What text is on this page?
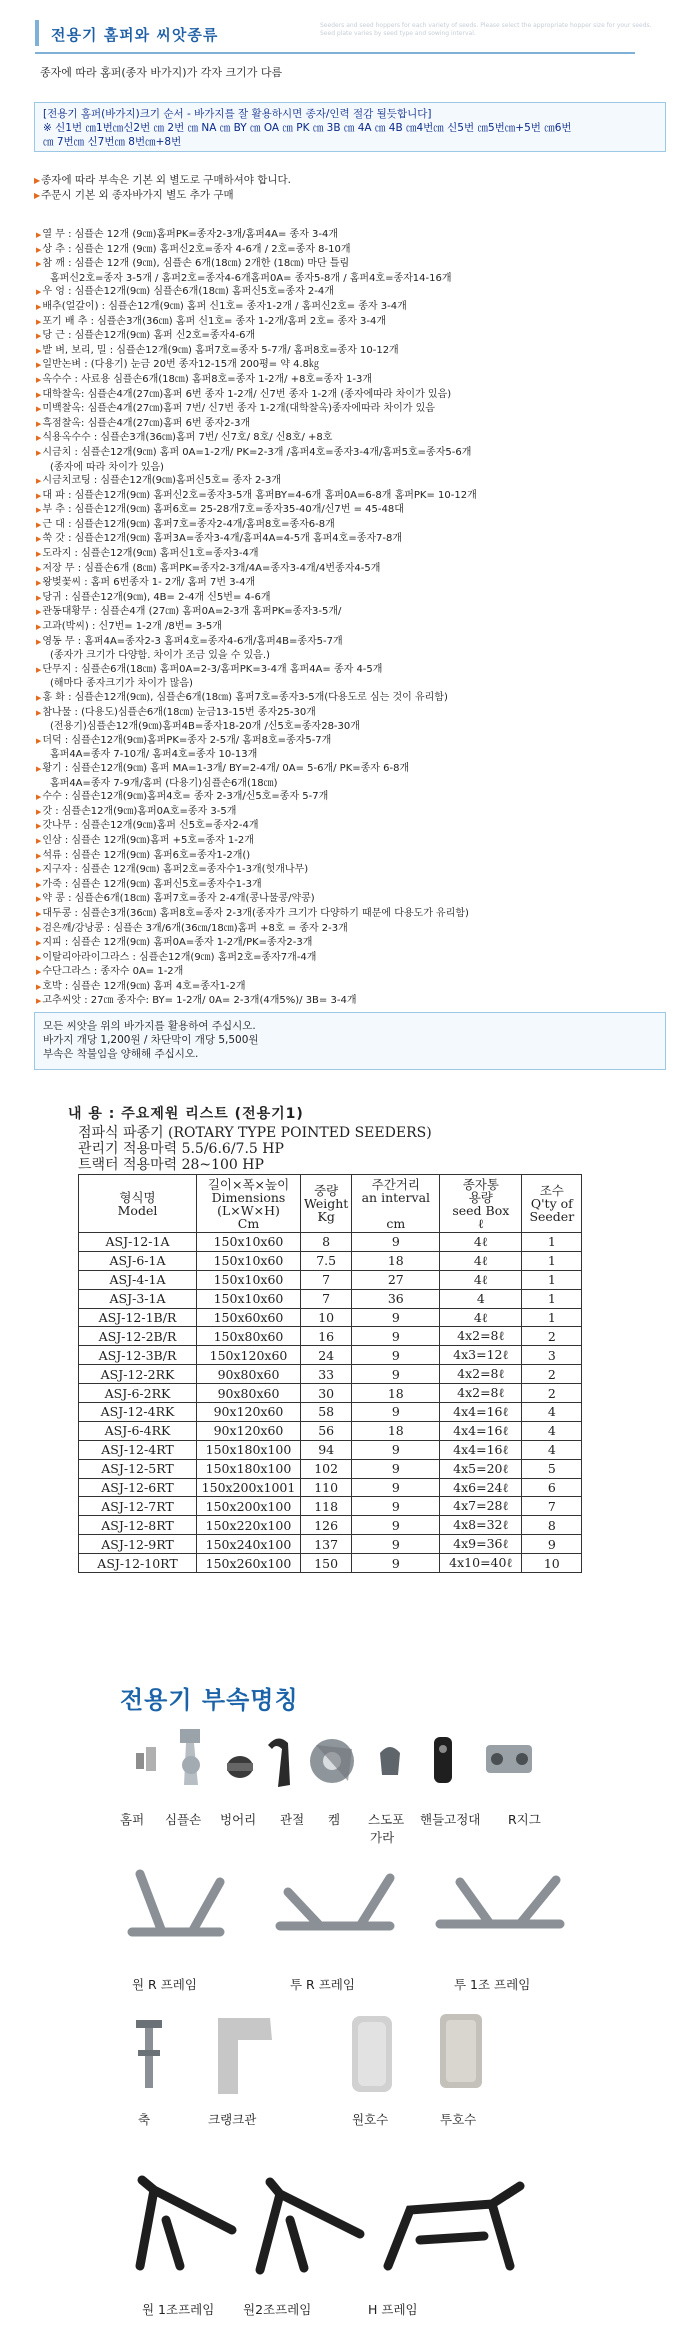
전용기 홈퍼와 씨앗종류
Seeders and seed hoppers for each variety of seeds. Please select the appropriate hopper size for your seeds. Seed plate varies by seed type and sowing interval.
종자에 따라 홈퍼(종자 바가지)가 각자 크기가 다름
[전용기 홈퍼(바가지)크기 순서 - 바가지를 잘 활용하시면 종자/인력 절감 될듯합니다]
※ 신1번 ㎝1번㎝신2번 ㎝ 2번 ㎝ NA ㎝ BY ㎝ OA ㎝ PK ㎝ 3B ㎝ 4A ㎝ 4B ㎝4번㎝ 신5번 ㎝5번㎝+5번 ㎝6번
㎝ 7번㎝ 신7번㎝ 8번㎝+8번
▶ 종자에 따라 부속은 기본 외 별도로 구매하셔야 합니다.
▶ 주문시 기본 외 종자바가지 별도 추가 구매
▶ 열 무 : 심플손 12개 (9㎝)홈퍼PK=종자2-3개/홈퍼4A= 종자 3-4개
▶ 상 추 : 심플손 12개 (9㎝) 홈퍼신2호=종자 4-6개 / 2호=종자 8-10개
▶ 참 깨 : 심플손 12개 (9㎝), 심플손 6개(18㎝) 2개한 (18㎝) 마단 틀림
홈퍼신2호=종자 3-5개 / 홈퍼2호=종자4-6개홈퍼0A= 종자5-8개 / 홈퍼4호=종자14-16개
▶ 우 엉 : 심플손12개(9㎝) 심플손6개(18㎝) 홈퍼신5호=종자 2-4개
▶ 배추(얼갈이) : 심플손12개(9㎝) 홈퍼 신1호= 종자1-2개 / 홈퍼신2호= 종자 3-4개
▶ 포기 배 추 : 심플손3개(36㎝) 홈퍼 신1호= 종자 1-2개/홈퍼 2호= 종자 3-4개
▶ 당 근 : 심플손12개(9㎝) 홈퍼 신2호=종자4-6개
▶ 밭 벼, 보리, 밀 : 심플손12개(9㎝) 홈퍼7호=종자 5-7개/ 홈퍼8호=종자 10-12개
▶ 일반논벼 : (다용기) 눈금 20번 종자12-15개 200평= 약 4.8㎏
▶ 옥수수 : 사료용 심플손6개(18㎝) 홈퍼8호=종자 1-2개/ +8호=종자 1-3개
▶ 대학찰옥: 심플손4개(27㎝)홈퍼 6번 종자 1-2개/ 신7번 종자 1-2개 (종자에따라 차이가 있음)
▶ 미백찰옥: 심플손4개(27㎝)홈퍼 7번/ 신7번 종자 1-2개(대학찰옥)종자에따라 차이가 있음
▶ 흑점찰옥: 심플손4개(27㎝)홈퍼 6번 종자2-3개
▶ 식용옥수수 : 심플손3개(36㎝)홈퍼 7번/ 신7호/ 8호/ 신8호/ +8호
▶ 시금치 : 심플손12개(9㎝) 홈퍼 0A=1-2개/ PK=2-3개 /홈퍼4호=종자3-4개/홈퍼5호=종자5-6개
(종자에 따라 차이가 있음)
▶ 시금치코팅 : 심플손12개(9㎝)홈퍼신5호= 종자 2-3개
▶ 대 파 : 심플손12개(9㎝) 홈퍼신2호=종자3-5개 홈퍼BY=4-6개 홈퍼0A=6-8개 홈퍼PK= 10-12개
▶ 부 추 : 심플손12개(9㎝) 홈퍼6호= 25-28개7호=종자35-40개/신7번 = 45-48대
▶ 근 대 : 심플손12개(9㎝) 홈퍼7호=종자2-4개/홈퍼8호=종자6-8개
▶ 쑥 갓 : 심플손12개(9㎝) 홈퍼3A=종자3-4개/홈퍼4A=4-5개 홈퍼4호=종자7-8개
▶ 도라지 : 심플손12개(9㎝) 홈퍼신1호=종자3-4개
▶ 저장 무 : 심플손6개 (8㎝) 홈퍼PK=종자2-3개/4A=종자3-4개/4번종자4-5개
▶ 왕벚꽃씨 : 홈퍼 6번종자 1- 2개/ 홈퍼 7번 3-4개
▶ 당귀 : 심플손12개(9㎝), 4B= 2-4개 신5번= 4-6개
▶ 관동대황무 : 심플손4개 (27㎝) 홈퍼0A=2-3개 홈퍼PK=종자3-5개/
▶ 고과(박씨) : 신7번= 1-2개 /8번= 3-5개
▶ 영동 무 : 홈퍼4A=종자2-3 홈퍼4호=종자4-6개/홈퍼4B=종자5-7개
(종자가 크기가 다양함. 차이가 조금 있을 수 있음.)
▶ 단무지 : 심플손6개(18㎝) 홈퍼0A=2-3/홈퍼PK=3-4개 홈퍼4A= 종자 4-5개
(해마다 종자크기가 차이가 많음)
▶ 홍 화 : 심플손12개(9㎝), 심플손6개(18㎝) 홈퍼7호=종자3-5개(다용도로 심는 것이 유리함)
▶ 참나물 : (다용도)심플손6개(18㎝) 눈금13-15번 종자25-30개
(전용기)심플손12개(9㎝)홈퍼4B=종자18-20개 /신5호=종자28-30개
▶ 더덕 : 심플손12개(9㎝)홈퍼PK=종자 2-5개/ 홈퍼8호=종자5-7개
홈퍼4A=종자 7-10개/ 홈퍼4호=종자 10-13개
▶ 황기 : 심플손12개(9㎝) 홈퍼 MA=1-3개/ BY=2-4개/ 0A= 5-6개/ PK=종자 6-8개
홈퍼4A=종자 7-9개/홈퍼 (다용기)심플손6개(18㎝)
▶ 수수 : 심플손12개(9㎝)홈퍼4호= 종자 2-3개/신5호=종자 5-7개
▶ 갓 : 심플손12개(9㎝)홈퍼0A호=종자 3-5개
▶ 갓나무 : 심플손12개(9㎝)홈퍼 신5호=종자2-4개
▶ 인삼 : 심플손 12개(9㎝)홈퍼 +5호=종자 1-2개
▶ 석류 : 심플손 12개(9㎝) 홈퍼6호=종자1-2개()
▶ 지구자 : 심플손 12개(9㎝) 홈퍼2호=종자수1-3개(헛개나무)
▶ 가죽 : 심플손 12개(9㎝) 홈퍼신5호=종자수1-3개
▶ 약 콩 : 심플손6개(18㎝) 홈퍼7호=종자 2-4개(콩나물콩/약콩)
▶ 대두콩 : 심플손3개(36㎝) 홈퍼8호=종자 2-3개(종자가 크기가 다양하기 때문에 다용도가 유리함)
▶ 검은깨/강낭콩 : 심플손 3개/6개(36㎝/18㎝)홈퍼 +8호 = 종자 2-3개
▶ 지피 : 심플손 12개(9㎝) 홈퍼0A=종자 1-2개/PK=종자2-3개
▶ 이탈리아라이그라스 : 심플손12개(9㎝) 홈퍼2호=종자7개-4개
▶ 수단그라스 : 종자수 0A= 1-2개
▶ 호박 : 심플손 12개(9㎝) 홈퍼 4호=종자1-2개
▶ 고추씨앗 : 27㎝ 종자수: BY= 1-2개/ 0A= 2-3개(4개5%)/ 3B= 3-4개
모든 씨앗을 위의 바가지를 활용하여 주십시오.
바가지 개당 1,200원 / 차단막이 개당 5,500원
부속은 착불임을 양해해 주십시오.
내 용 : 주요제원 리스트 (전용기1)
점파식 파종기 (ROTARY TYPE POINTED SEEDERS)
관리기 적용마력 5.5/6.6/7.5 HP
트랙터 적용마력 28~100 HP
형식명
Model	길이×폭×높이
Dimensions
(L×W×H)
Cm	중량
Weight
Kg	주간거리
an interval

cm	종자통
용량
seed Box
ℓ	조수
Q'ty of
Seeder
ASJ-12-1A	150x10x60	8	9	4ℓ	1
ASJ-6-1A	150x10x60	7.5	18	4ℓ	1
ASJ-4-1A	150x10x60	7	27	4ℓ	1
ASJ-3-1A	150x10x60	7	36	4	1
ASJ-12-1B/R	150x60x60	10	9	4ℓ	1
ASJ-12-2B/R	150x80x60	16	9	4x2=8ℓ	2
ASJ-12-3B/R	150x120x60	24	9	4x3=12ℓ	3
ASJ-12-2RK	90x80x60	33	9	4x2=8ℓ	2
ASJ-6-2RK	90x80x60	30	18	4x2=8ℓ	2
ASJ-12-4RK	90x120x60	58	9	4x4=16ℓ	4
ASJ-6-4RK	90x120x60	56	18	4x4=16ℓ	4
ASJ-12-4RT	150x180x100	94	9	4x4=16ℓ	4
ASJ-12-5RT	150x180x100	102	9	4x5=20ℓ	5
ASJ-12-6RT	150x200x1001	110	9	4x6=24ℓ	6
ASJ-12-7RT	150x200x100	118	9	4x7=28ℓ	7
ASJ-12-8RT	150x220x100	126	9	4x8=32ℓ	8
ASJ-12-9RT	150x240x100	137	9	4x9=36ℓ	9
ASJ-12-10RT	150x260x100	150	9	4x10=40ℓ	10
전용기 부속명칭
홈퍼 심플손 벙어리 관절 켐 스도포
가라
핸들고정대 R지그
원 R 프레임	투 R 프레임	투 1조 프레임
축	크랭크관	원호수	투호수
원 1조프레임 원2조프레임	H 프레임
